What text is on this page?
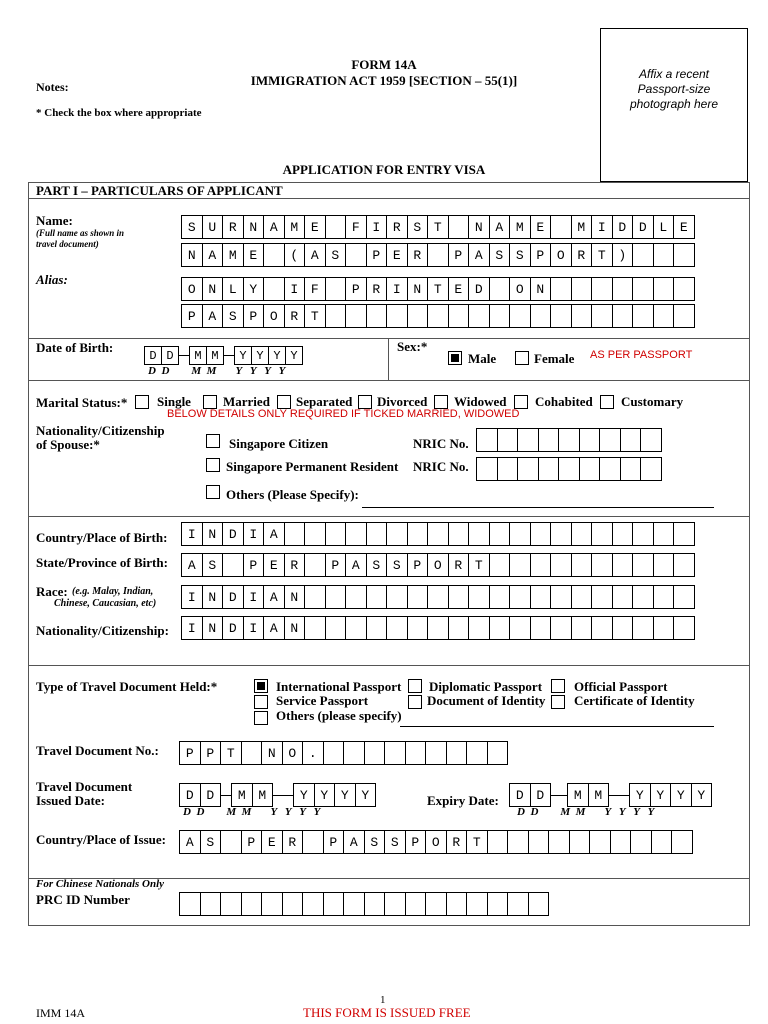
Notes:
* Check the box where appropriate
FORM 14A
IMMIGRATION ACT 1959 [SECTION – 55(1)]
APPLICATION FOR ENTRY VISA
Affix a recent
Passport-size
photograph here
PART I – PARTICULARS OF APPLICANT
Name:
(Full name as shown in
travel document)
S U R N A M E	F I R S T	N A M E	M I D D L E
N A M E	( A S	P E R	P A S S P O R T )
Alias:
O N L Y	I F	P R I N T E D	O N
P A S P O R T
Date of Birth:
D D	M M	Y Y Y Y
D  D        M  M       Y   Y   Y   Y
Sex:*
Male	Female AS PER PASSPORT
Marital Status:* Single Married Separated Divorced Widowed Cohabited Customary
BELOW DETAILS ONLY REQUIRED IF TICKED MARRIED, WIDOWED
Nationality/Citizenship
of Spouse:*	Singapore Citizen	NRIC No.
Singapore Permanent Resident NRIC No.
Others (Please Specify):
Country/Place of Birth:	I N D I A
State/Province of Birth:	A S	P E R	P A S S P O R T
Race: (e.g. Malay, Indian,
Chinese, Caucasian, etc)	I N D I A N
Nationality/Citizenship:	I N D I A N
Type of Travel Document Held:*	International Passport Diplomatic Passport Official Passport
Service Passport	Document of Identity Certificate of Identity
Others (please specify)
Travel Document No.:	P P T	N O .
Travel Document
Issued Date:	D D	M M	Y Y Y Y
D  D        M  M       Y   Y   Y   Y
Expiry Date:	D D	M M	Y Y Y Y
D  D        M  M       Y   Y   Y   Y
Country/Place of Issue:	A S	P E R	P A S S P O R T
For Chinese Nationals Only
PRC ID Number
1
IMM 14A	THIS FORM IS ISSUED FREE
